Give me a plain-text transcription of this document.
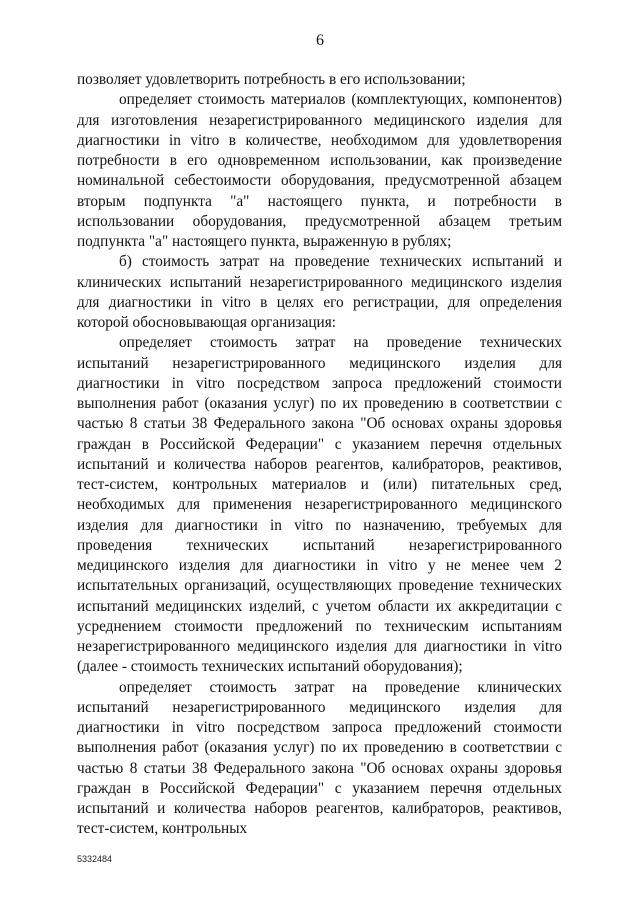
6

позволяет удовлетворить потребность в его использовании;

определяет стоимость материалов (комплектующих, компонентов) для изготовления незарегистрированного медицинского изделия для диагностики in vitro в количестве, необходимом для удовлетворения потребности в его одновременном использовании, как произведение номинальной себестоимости оборудования, предусмотренной абзацем вторым подпункта "а" настоящего пункта, и потребности в использовании оборудования, предусмотренной абзацем третьим подпункта "а" настоящего пункта, выраженную в рублях;

б) стоимость затрат на проведение технических испытаний и клинических испытаний незарегистрированного медицинского изделия для диагностики in vitro в целях его регистрации, для определения которой обосновывающая организация:

определяет стоимость затрат на проведение технических испытаний незарегистрированного медицинского изделия для диагностики in vitro посредством запроса предложений стоимости выполнения работ (оказания услуг) по их проведению в соответствии с частью 8 статьи 38 Федерального закона "Об основах охраны здоровья граждан в Российской Федерации" с указанием перечня отдельных испытаний и количества наборов реагентов, калибраторов, реактивов, тест-систем, контрольных материалов и (или) питательных сред, необходимых для применения незарегистрированного медицинского изделия для диагностики in vitro по назначению, требуемых для проведения технических испытаний незарегистрированного медицинского изделия для диагностики in vitro у не менее чем 2 испытательных организаций, осуществляющих проведение технических испытаний медицинских изделий, с учетом области их аккредитации с усреднением стоимости предложений по техническим испытаниям незарегистрированного медицинского изделия для диагностики in vitro (далее - стоимость технических испытаний оборудования);

определяет стоимость затрат на проведение клинических испытаний незарегистрированного медицинского изделия для диагностики in vitro посредством запроса предложений стоимости выполнения работ (оказания услуг) по их проведению в соответствии с частью 8 статьи 38 Федерального закона "Об основах охраны здоровья граждан в Российской Федерации" с указанием перечня отдельных испытаний и количества наборов реагентов, калибраторов, реактивов, тест-систем, контрольных

5332484
